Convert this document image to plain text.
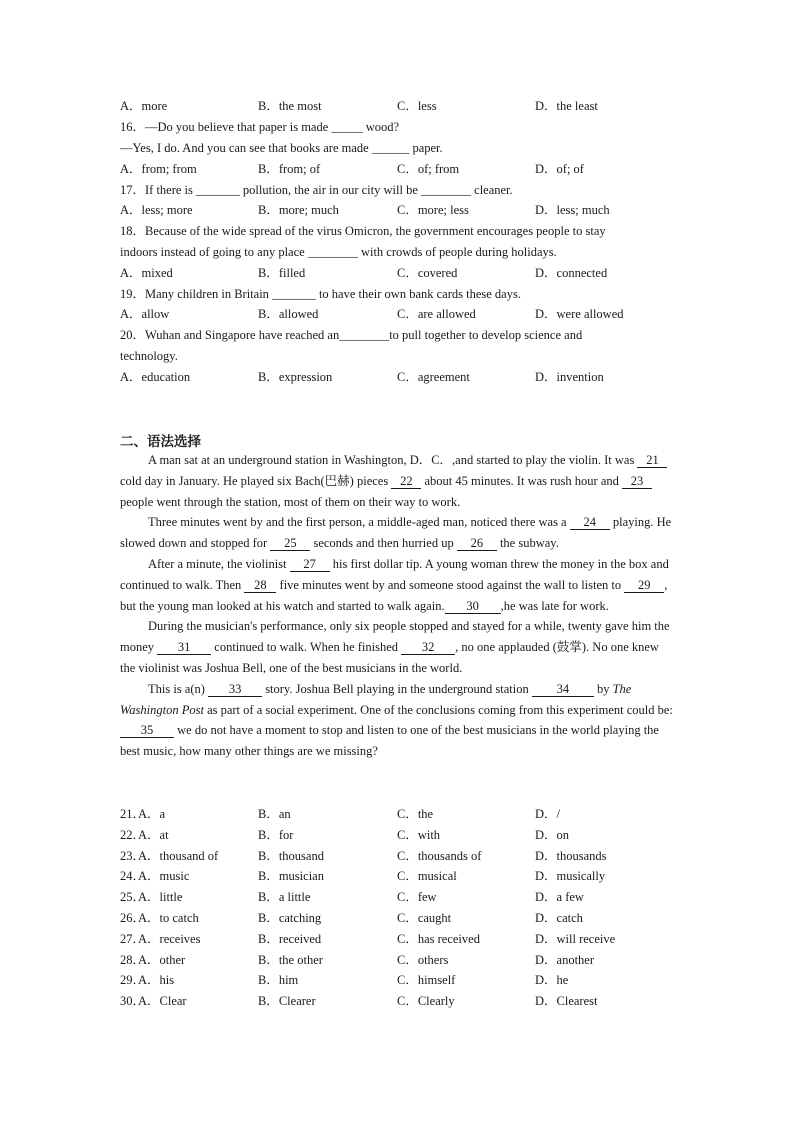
A．more	B．the most	C．less	D．the least
16．—Do you believe that paper is made _____ wood?
—Yes, I do. And you can see that books are made ______ paper.
A．from; from	B．from; of	C．of; from	D．of; of
17．If there is _______ pollution, the air in our city will be ________ cleaner.
A．less; more	B．more; much	C．more; less	D．less; much
18．Because of the wide spread of the virus Omicron, the government encourages people to stay
indoors instead of going to any place ________ with crowds of people during holidays.
A．mixed	B．filled	C．covered	D．connected
19．Many children in Britain _______ to have their own bank cards these days.
A．allow	B．allowed	C．are allowed	D．were allowed
20．Wuhan and Singapore have reached an________to pull together to develop science and
technology.
A．education	B．expression	C．agreement	D．invention
二、语法选择

A man sat at an underground station in Washington, D．C．,and started to play the violin. It was 21 cold day in January. He played six Bach(巴赫) pieces 22 about 45 minutes. It was rush hour and 23 people went through the station, most of them on their way to work.

Three minutes went by and the first person, a middle-aged man, noticed there was a 24 playing. He slowed down and stopped for 25 seconds and then hurried up 26 the subway.

After a minute, the violinist 27 his first dollar tip. A young woman threw the money in the box and continued to walk. Then 28 five minutes went by and someone stood against the wall to listen to 29 , but the young man looked at his watch and started to walk again. 30 ,he was late for work.

During the musician's performance, only six people stopped and stayed for a while, twenty gave him the money 31 continued to walk. When he finished 32 , no one applauded (鼓掌). No one knew the violinist was Joshua Bell, one of the best musicians in the world.

This is a(n) 33 story. Joshua Bell playing in the underground station 34 by The Washington Post as part of a social experiment. One of the conclusions coming from this experiment could be: 35 we do not have a moment to stop and listen to one of the best musicians in the world playing the best music, how many other things are we missing?

21．
A．a	B．an	C．the	D．/
22．
A．at	B．for	C．with	D．on
23．
A．thousand of	B．thousand	C．thousands of	D．thousands
24．
A．music	B．musician	C．musical	D．musically
25．
A．little	B．a little	C．few	D．a few
26．
A．to catch	B．catching	C．caught	D．catch
27．
A．receives	B．received	C．has received	D．will receive
28．
A．other	B．the other	C．others	D．another
29．
A．his	B．him	C．himself	D．he
30．
A．Clear	B．Clearer	C．Clearly	D．Clearest
